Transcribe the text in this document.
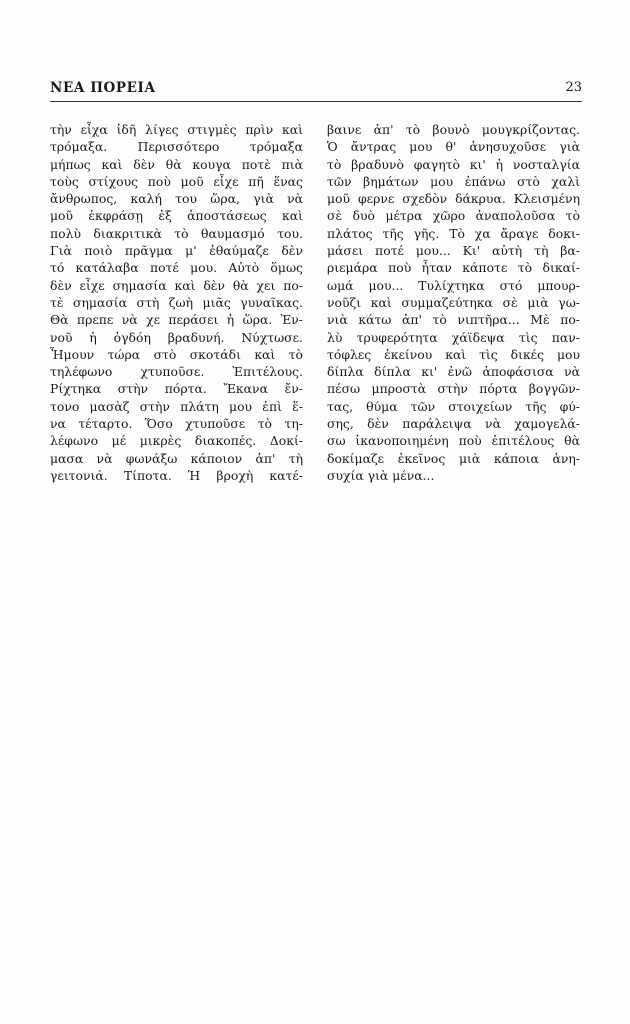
ΝΕΑ ΠΟΡΕΙΑ	23
τὴν εἶχα ἰδῆ λίγες στιγμὲς πρὶν καὶ
τρόμαξα. Περισσότερο τρόμαξα
μήπως καὶ δὲν θὰ κουγα ποτὲ πιὰ
τοὺς στίχους ποὺ μοῦ εἶχε πῆ ἕνας
ἄνθρωπος, καλή του ὥρα, γιὰ νὰ
μοῦ ἐκφράσῃ ἐξ ἀποστάσεως καὶ
πολὺ διακριτικὰ τὸ θαυμασμό του.
Γιὰ ποιὸ πρᾶγμα μ' ἐθαύμαζε δὲν
τό κατάλαβα ποτέ μου. Αὐτὸ ὅμως
δὲν εἶχε σημασία καὶ δὲν θὰ χει πο-
τὲ σημασία στὴ ζωὴ μιᾶς γυναῖκας.
Θὰ πρεπε νὰ χε περάσει ἡ ὥρα. Ἐν-
νοῦ ἡ ὀγδόη βραδυνή. Νύχτωσε.
Ἦμουν τώρα στὸ σκοτάδι καὶ τὸ
τηλέφωνο χτυποῦσε. Ἐπιτέλους.
Ρίχτηκα στὴν πόρτα. Ἔκανα ἔν-
τονο μασὰζ στὴν πλάτη μου ἐπὶ ἕ-
να τέταρτο. Ὅσο χτυποῦσε τὸ τη-
λέφωνο μέ μικρὲς διακοπές. Δοκί-
μασα νὰ φωνάξω κάποιον ἀπ' τὴ
γειτονιά. Τίποτα. Ἡ βροχὴ κατέ-
βαινε ἀπ' τὸ βουνὸ μουγκρίζοντας.
Ὁ ἄντρας μου θ' ἀνησυχοῦσε γιὰ
τὸ βραδυνὸ φαγητὸ κι' ἡ νοσταλγία
τῶν βημάτων μου ἐπάνω στὸ χαλὶ
μοῦ φερνε σχεδὸν δάκρυα. Κλεισμένη
σὲ δυὸ μέτρα χῶρο ἀναπολοῦσα τὸ
πλάτος τῆς γῆς. Τὸ χα ἄραγε δοκι-
μάσει ποτέ μου... Κι' αὐτὴ τὴ βα-
ριεμάρα ποὺ ἦταν κάποτε τὸ δικαί-
ωμά μου... Τυλίχτηκα στό μπουρ-
νοῦζι καὶ συμμαζεύτηκα σὲ μιὰ γω-
νιὰ κάτω ἀπ' τὸ νιπτῆρα... Μὲ πο-
λὺ τρυφερότητα χάϊδεψα τὶς παν-
τόφλες ἐκείνου καὶ τὶς δικές μου
δίπλα δίπλα κι' ἐνῶ ἀποφάσισα νὰ
πέσω μπροστὰ στὴν πόρτα βογγῶν-
τας, θύμα τῶν στοιχείων τῆς φύ-
σης, δὲν παράλειψα νὰ χαμογελά-
σω ἱκανοποιημένη ποὺ ἐπιτέλους θὰ
δοκίμαζε ἐκεῖνος μιὰ κάποια ἀνη-
συχία γιὰ μένα...
